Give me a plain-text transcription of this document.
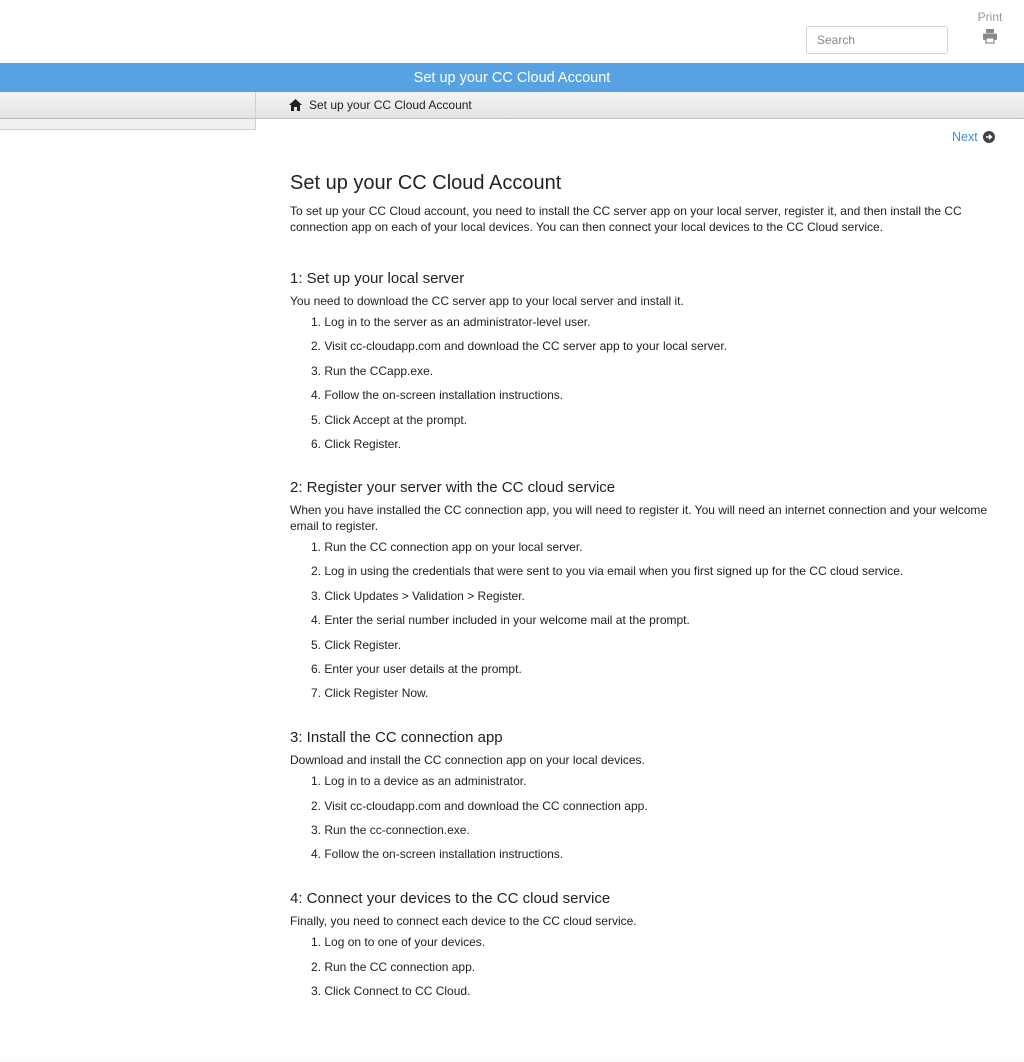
Search
Print
Set up your CC Cloud Account
Set up your CC Cloud Account
Next
Set up your CC Cloud Account

To set up your CC Cloud account, you need to install the CC server app on your local server, register it, and then install the CC connection app on each of your local devices. You can then connect your local devices to the CC Cloud service.

1: Set up your local server

You need to download the CC server app to your local server and install it.

1. Log in to the server as an administrator-level user.
2. Visit cc-cloudapp.com and download the CC server app to your local server.
3. Run the CCapp.exe.
4. Follow the on-screen installation instructions.
5. Click Accept at the prompt.
6. Click Register.
2: Register your server with the CC cloud service

When you have installed the CC connection app, you will need to register it. You will need an internet connection and your welcome email to register.

1. Run the CC connection app on your local server.
2. Log in using the credentials that were sent to you via email when you first signed up for the CC cloud service.
3. Click Updates > Validation > Register.
4. Enter the serial number included in your welcome mail at the prompt.
5. Click Register.
6. Enter your user details at the prompt.
7. Click Register Now.
3: Install the CC connection app

Download and install the CC connection app on your local devices.

1. Log in to a device as an administrator.
2. Visit cc-cloudapp.com and download the CC connection app.
3. Run the cc-connection.exe.
4. Follow the on-screen installation instructions.
4: Connect your devices to the CC cloud service

Finally, you need to connect each device to the CC cloud service.

1. Log on to one of your devices.
2. Run the CC connection app.
3. Click Connect to CC Cloud.
